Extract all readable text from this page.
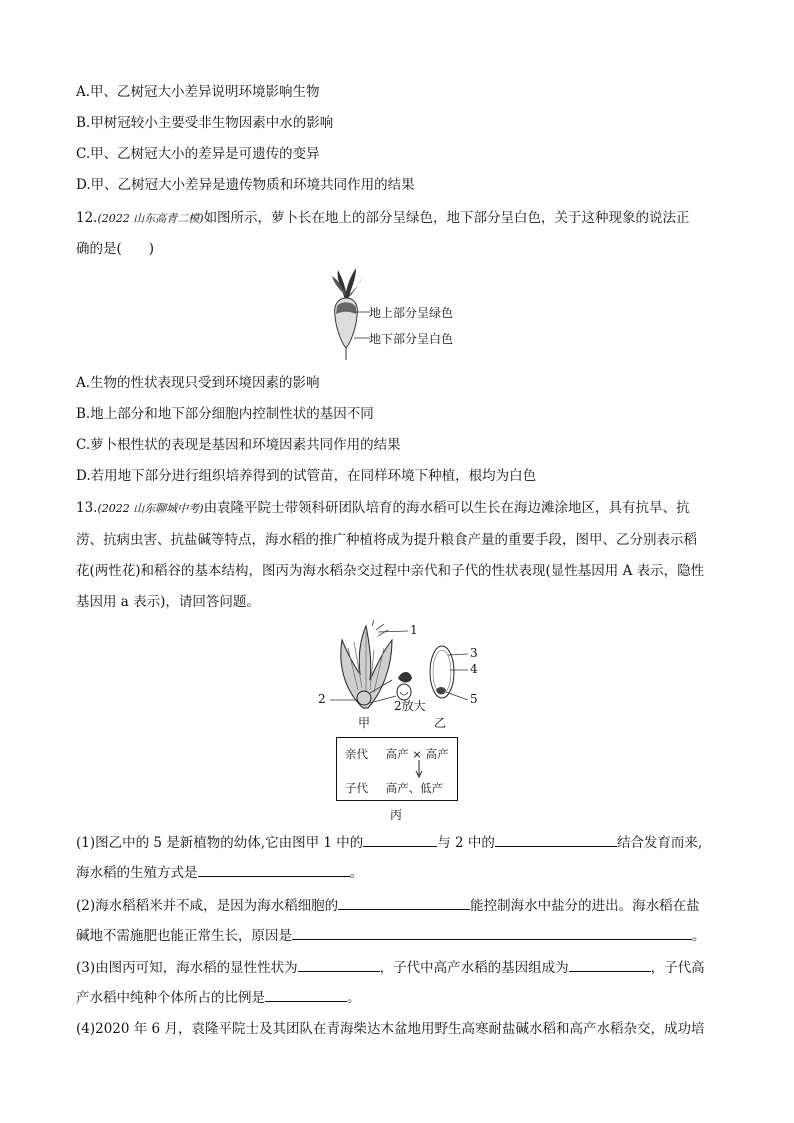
A.甲、乙树冠大小差异说明环境影响生物
B.甲树冠较小主要受非生物因素中水的影响
C.甲、乙树冠大小的差异是可遗传的变异
D.甲、乙树冠大小差异是遗传物质和环境共同作用的结果
12.(2022 山东高青二模)如图所示，萝卜长在地上的部分呈绿色，地下部分呈白色，关于这种现象的说法正
确的是(　　)
地上部分呈绿色
地下部分呈白色
A.生物的性状表现只受到环境因素的影响
B.地上部分和地下部分细胞内控制性状的基因不同
C.萝卜根性状的表现是基因和环境因素共同作用的结果
D.若用地下部分进行组织培养得到的试管苗，在同样环境下种植，根均为白色
13.(2022 山东聊城中考)由袁隆平院士带领科研团队培育的海水稻可以生长在海边滩涂地区，具有抗旱、抗
涝、抗病虫害、抗盐碱等特点，海水稻的推广种植将成为提升粮食产量的重要手段，图甲、乙分别表示稻
花(两性花)和稻谷的基本结构，图丙为海水稻杂交过程中亲代和子代的性状表现(显性基因用 A 表示，隐性
基因用 a 表示)，请回答问题。
1
2
3
4
5
2放大
甲	乙
亲代 高产 × 高产
子代 高产、低产
丙
(1)图乙中的 5 是新植物的幼体,它由图甲 1 中的	与 2 中的	结合发育而来,
海水稻的生殖方式是	。
(2)海水稻稻米并不咸，是因为海水稻细胞的	能控制海水中盐分的进出。海水稻在盐
碱地不需施肥也能正常生长，原因是	。
(3)由图丙可知，海水稻的显性性状为	，子代中高产水稻的基因组成为	，子代高
产水稻中纯种个体所占的比例是	。
(4)2020 年 6 月，袁隆平院士及其团队在青海柴达木盆地用野生高寒耐盐碱水稻和高产水稻杂交，成功培
